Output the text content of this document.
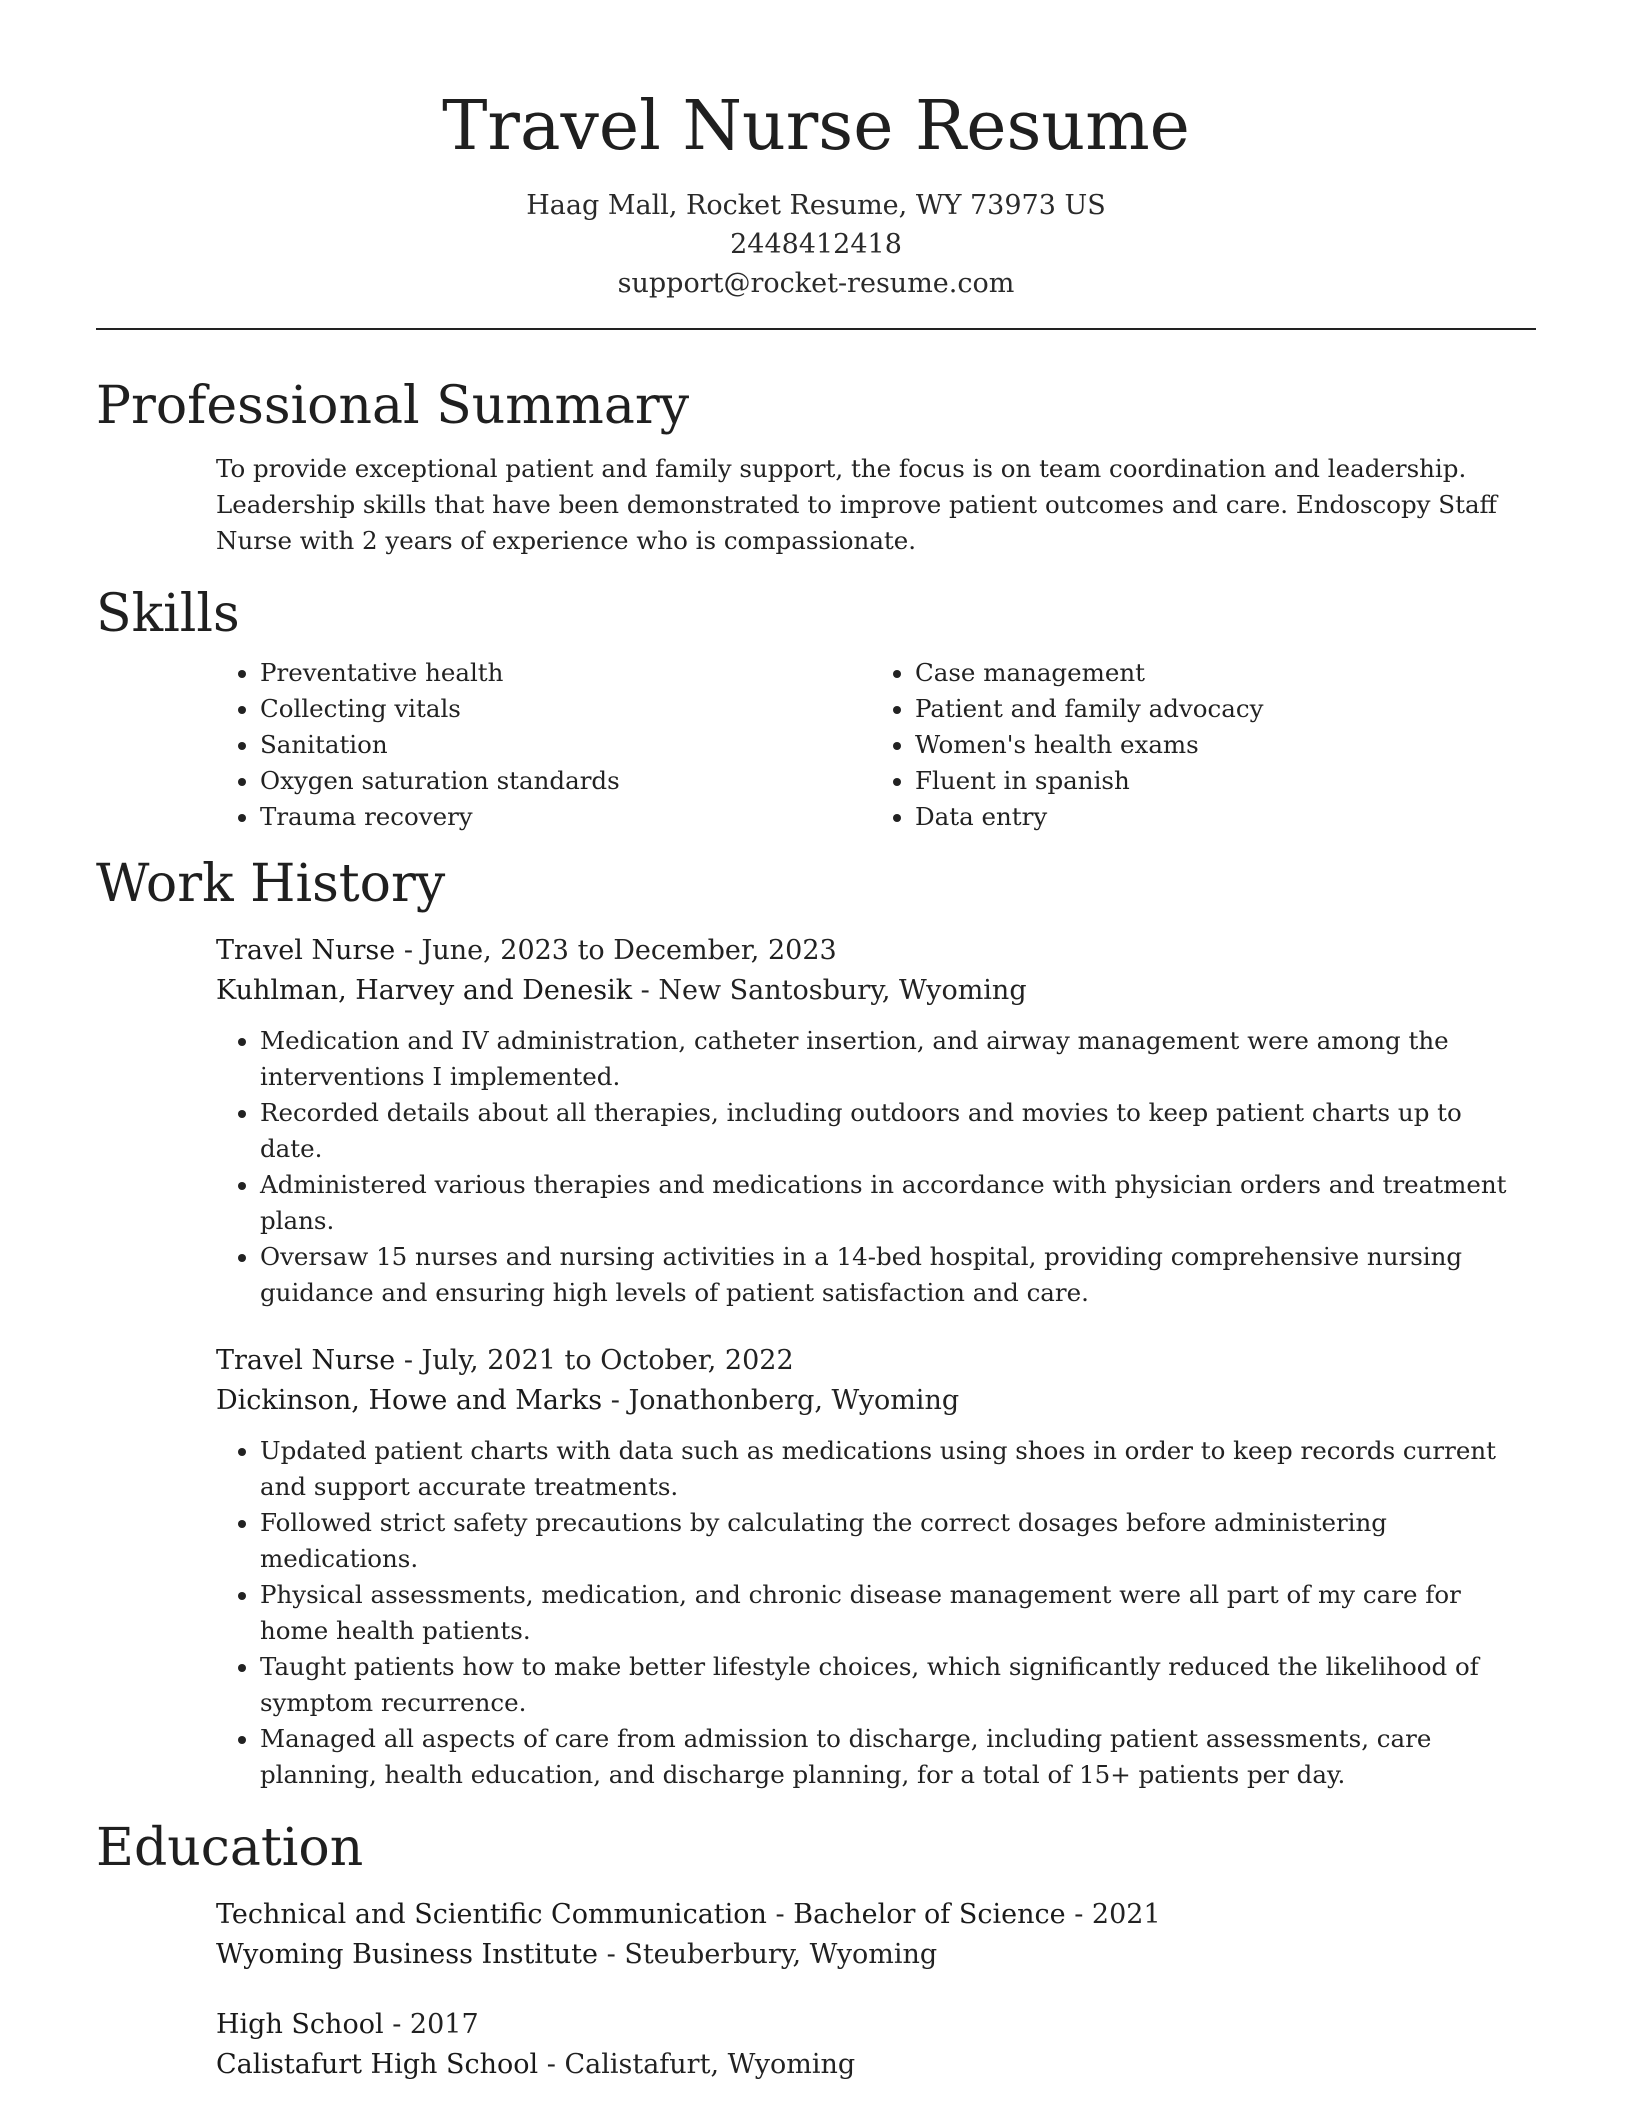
Travel Nurse Resume
Haag Mall, Rocket Resume, WY 73973 US
2448412418
support@rocket-resume.com
Professional Summary
To provide exceptional patient and family support, the focus is on team coordination and leadership. Leadership skills that have been demonstrated to improve patient outcomes and care. Endoscopy Staff Nurse with 2 years of experience who is compassionate.
Skills
• Preventative health
• Collecting vitals
• Sanitation
• Oxygen saturation standards
• Trauma recovery
• Case management
• Patient and family advocacy
• Women's health exams
• Fluent in spanish
• Data entry
Work History
Travel Nurse - June, 2023 to December, 2023
Kuhlman, Harvey and Denesik - New Santosbury, Wyoming
• Medication and IV administration, catheter insertion, and airway management were among the interventions I implemented.
• Recorded details about all therapies, including outdoors and movies to keep patient charts up to date.
• Administered various therapies and medications in accordance with physician orders and treatment plans.
• Oversaw 15 nurses and nursing activities in a 14-bed hospital, providing comprehensive nursing guidance and ensuring high levels of patient satisfaction and care.
Travel Nurse - July, 2021 to October, 2022
Dickinson, Howe and Marks - Jonathonberg, Wyoming
• Updated patient charts with data such as medications using shoes in order to keep records current and support accurate treatments.
• Followed strict safety precautions by calculating the correct dosages before administering medications.
• Physical assessments, medication, and chronic disease management were all part of my care for home health patients.
• Taught patients how to make better lifestyle choices, which significantly reduced the likelihood of symptom recurrence.
• Managed all aspects of care from admission to discharge, including patient assessments, care planning, health education, and discharge planning, for a total of 15+ patients per day.
Education
Technical and Scientific Communication - Bachelor of Science - 2021
Wyoming Business Institute - Steuberbury, Wyoming
High School - 2017
Calistafurt High School - Calistafurt, Wyoming
